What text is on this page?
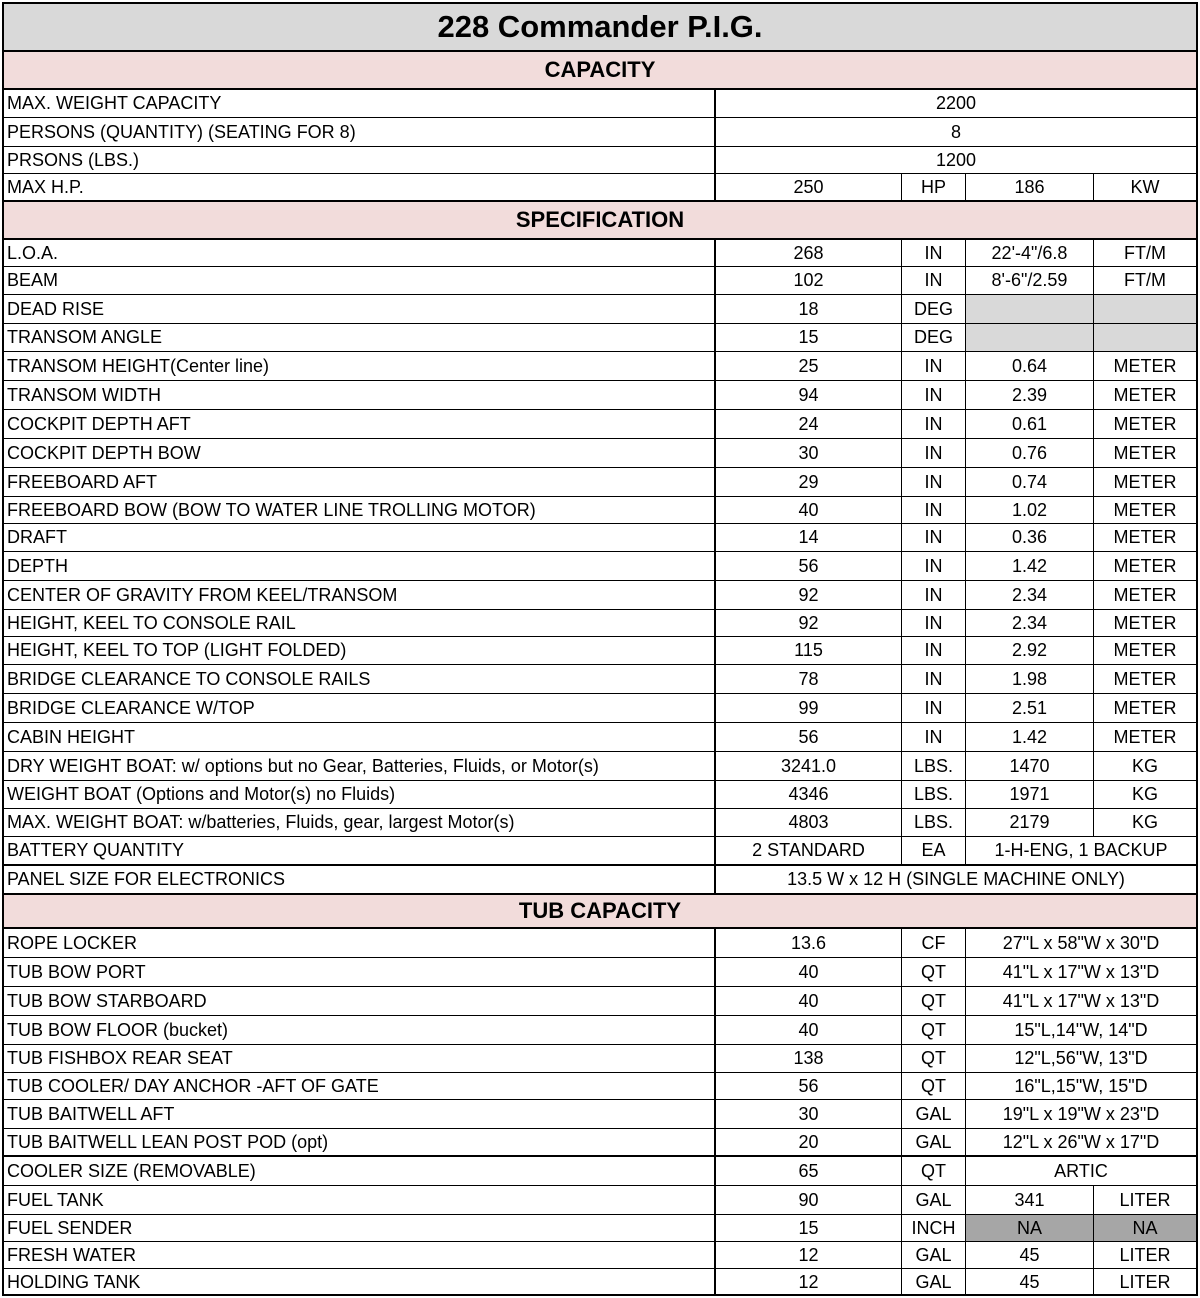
228 Commander P.I.G.
CAPACITY
MAX. WEIGHT CAPACITY	2200
PERSONS (QUANTITY) (SEATING FOR 8)	8
PRSONS (LBS.)	1200
MAX H.P.	250	HP	186	KW
SPECIFICATION
L.O.A.	268	IN	22'-4"/6.8	FT/M
BEAM	102	IN	8'-6"/2.59	FT/M
DEAD RISE	18	DEG
TRANSOM ANGLE	15	DEG
TRANSOM HEIGHT(Center line)	25	IN	0.64	METER
TRANSOM WIDTH	94	IN	2.39	METER
COCKPIT DEPTH AFT	24	IN	0.61	METER
COCKPIT DEPTH BOW	30	IN	0.76	METER
FREEBOARD AFT	29	IN	0.74	METER
FREEBOARD BOW (BOW TO WATER LINE TROLLING MOTOR)	40	IN	1.02	METER
DRAFT	14	IN	0.36	METER
DEPTH	56	IN	1.42	METER
CENTER OF GRAVITY FROM KEEL/TRANSOM	92	IN	2.34	METER
HEIGHT, KEEL TO CONSOLE RAIL	92	IN	2.34	METER
HEIGHT, KEEL TO TOP (LIGHT FOLDED)	115	IN	2.92	METER
BRIDGE CLEARANCE TO CONSOLE RAILS	78	IN	1.98	METER
BRIDGE CLEARANCE W/TOP	99	IN	2.51	METER
CABIN HEIGHT	56	IN	1.42	METER
DRY WEIGHT BOAT: w/ options but no Gear, Batteries, Fluids, or Motor(s)	3241.0	LBS.	1470	KG
WEIGHT BOAT (Options and Motor(s) no Fluids)	4346	LBS.	1971	KG
MAX. WEIGHT BOAT: w/batteries, Fluids, gear, largest Motor(s)	4803	LBS.	2179	KG
BATTERY QUANTITY	2 STANDARD	EA	1-H-ENG, 1 BACKUP
PANEL SIZE FOR ELECTRONICS	13.5 W x 12 H (SINGLE MACHINE ONLY)
TUB CAPACITY
ROPE LOCKER	13.6	CF	27"L x 58"W x 30"D
TUB BOW PORT	40	QT	41"L x 17"W x 13"D
TUB BOW STARBOARD	40	QT	41"L x 17"W x 13"D
TUB BOW FLOOR (bucket)	40	QT	15"L,14"W, 14"D
TUB FISHBOX REAR SEAT	138	QT	12"L,56"W, 13"D
TUB COOLER/ DAY ANCHOR -AFT OF GATE	56	QT	16"L,15"W, 15"D
TUB BAITWELL AFT	30	GAL	19"L x 19"W x 23"D
TUB BAITWELL LEAN POST POD (opt)	20	GAL	12"L x 26"W x 17"D
COOLER SIZE (REMOVABLE)	65	QT	ARTIC
FUEL TANK	90	GAL	341	LITER
FUEL SENDER	15	INCH	NA	NA
FRESH WATER	12	GAL	45	LITER
HOLDING TANK	12	GAL	45	LITER
